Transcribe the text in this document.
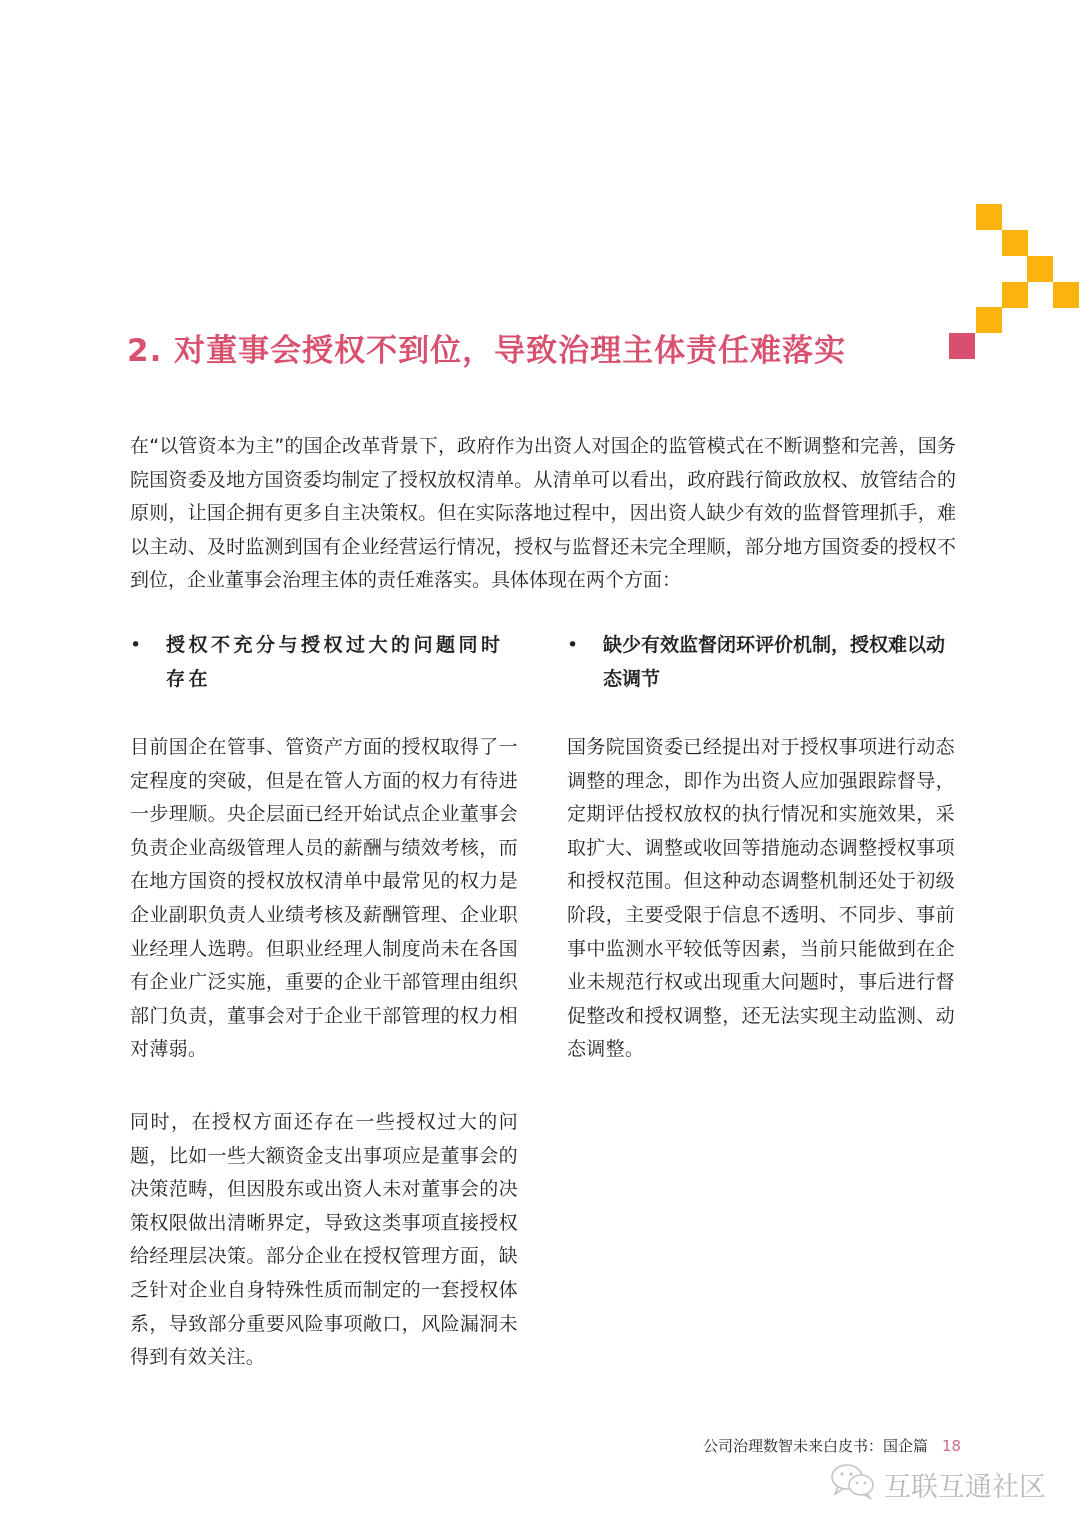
2. 对董事会授权不到位，导致治理主体责任难落实

在“以管资本为主”的国企改革背景下，政府作为出资人对国企的监管模式在不断调整和完善，国务院国资委及地方国资委均制定了授权放权清单。从清单可以看出，政府践行简政放权、放管结合的原则，让国企拥有更多自主决策权。但在实际落地过程中，因出资人缺少有效的监督管理抓手，难以主动、及时监测到国有企业经营运行情况，授权与监督还未完全理顺，部分地方国资委的授权不到位，企业董事会治理主体的责任难落实。具体体现在两个方面：

• 授权不充分与授权过大的问题同时存在

目前国企在管事、管资产方面的授权取得了一定程度的突破，但是在管人方面的权力有待进一步理顺。央企层面已经开始试点企业董事会负责企业高级管理人员的薪酬与绩效考核，而在地方国资的授权放权清单中最常见的权力是企业副职负责人业绩考核及薪酬管理、企业职业经理人选聘。但职业经理人制度尚未在各国有企业广泛实施，重要的企业干部管理由组织部门负责，董事会对于企业干部管理的权力相对薄弱。

同时，在授权方面还存在一些授权过大的问题，比如一些大额资金支出事项应是董事会的决策范畴，但因股东或出资人未对董事会的决策权限做出清晰界定，导致这类事项直接授权给经理层决策。部分企业在授权管理方面，缺乏针对企业自身特殊性质而制定的一套授权体系，导致部分重要风险事项敞口，风险漏洞未得到有效关注。

• 缺少有效监督闭环评价机制，授权难以动态调节

国务院国资委已经提出对于授权事项进行动态调整的理念，即作为出资人应加强跟踪督导，定期评估授权放权的执行情况和实施效果，采取扩大、调整或收回等措施动态调整授权事项和授权范围。但这种动态调整机制还处于初级阶段，主要受限于信息不透明、不同步、事前事中监测水平较低等因素，当前只能做到在企业未规范行权或出现重大问题时，事后进行督促整改和授权调整，还无法实现主动监测、动态调整。

公司治理数智未来白皮书：国企篇 18
互联互通社区
